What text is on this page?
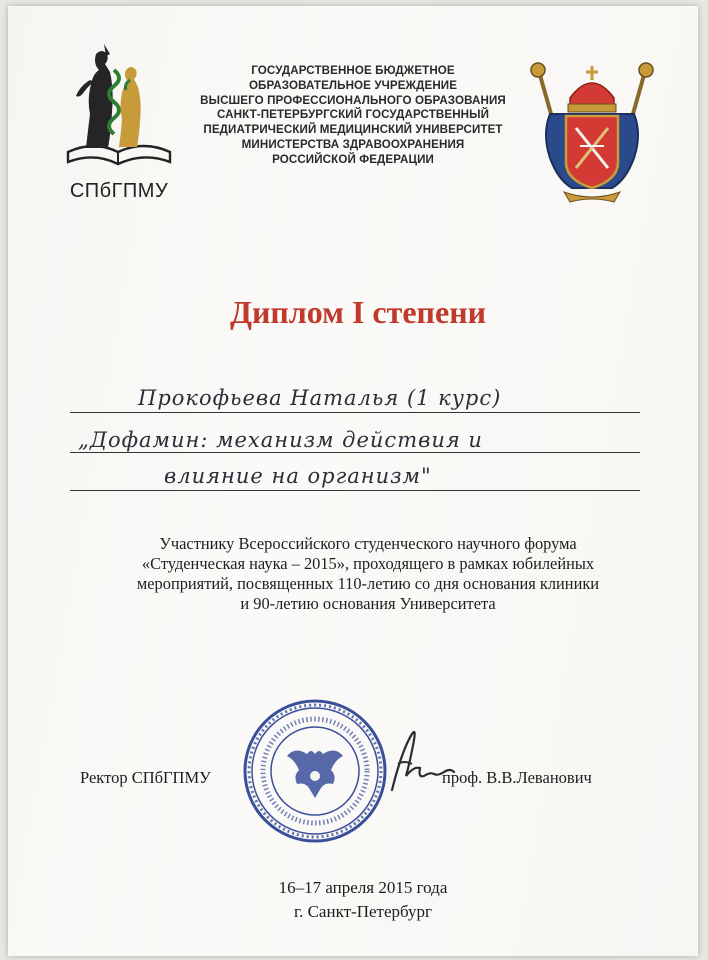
СПбГПМУ
ГОСУДАРСТВЕННОЕ БЮДЖЕТНОЕ
ОБРАЗОВАТЕЛЬНОЕ УЧРЕЖДЕНИЕ
ВЫСШЕГО ПРОФЕССИОНАЛЬНОГО ОБРАЗОВАНИЯ
САНКТ-ПЕТЕРБУРГСКИЙ ГОСУДАРСТВЕННЫЙ
ПЕДИАТРИЧЕСКИЙ МЕДИЦИНСКИЙ УНИВЕРСИТЕТ
МИНИСТЕРСТВА ЗДРАВООХРАНЕНИЯ
РОССИЙСКОЙ ФЕДЕРАЦИИ
Диплом I степени
Прокофьева Наталья (1 курс)
„Дофамин: механизм действия и
влияние на организм"
Участнику Всероссийского студенческого научного форума
«Студенческая наука – 2015», проходящего в рамках юбилейных
мероприятий, посвященных 110-летию со дня основания клиники
и 90-летию основания Университета
Ректор СПбГПМУ	проф. В.В.Леванович
16–17 апреля 2015 года
г. Санкт-Петербург
